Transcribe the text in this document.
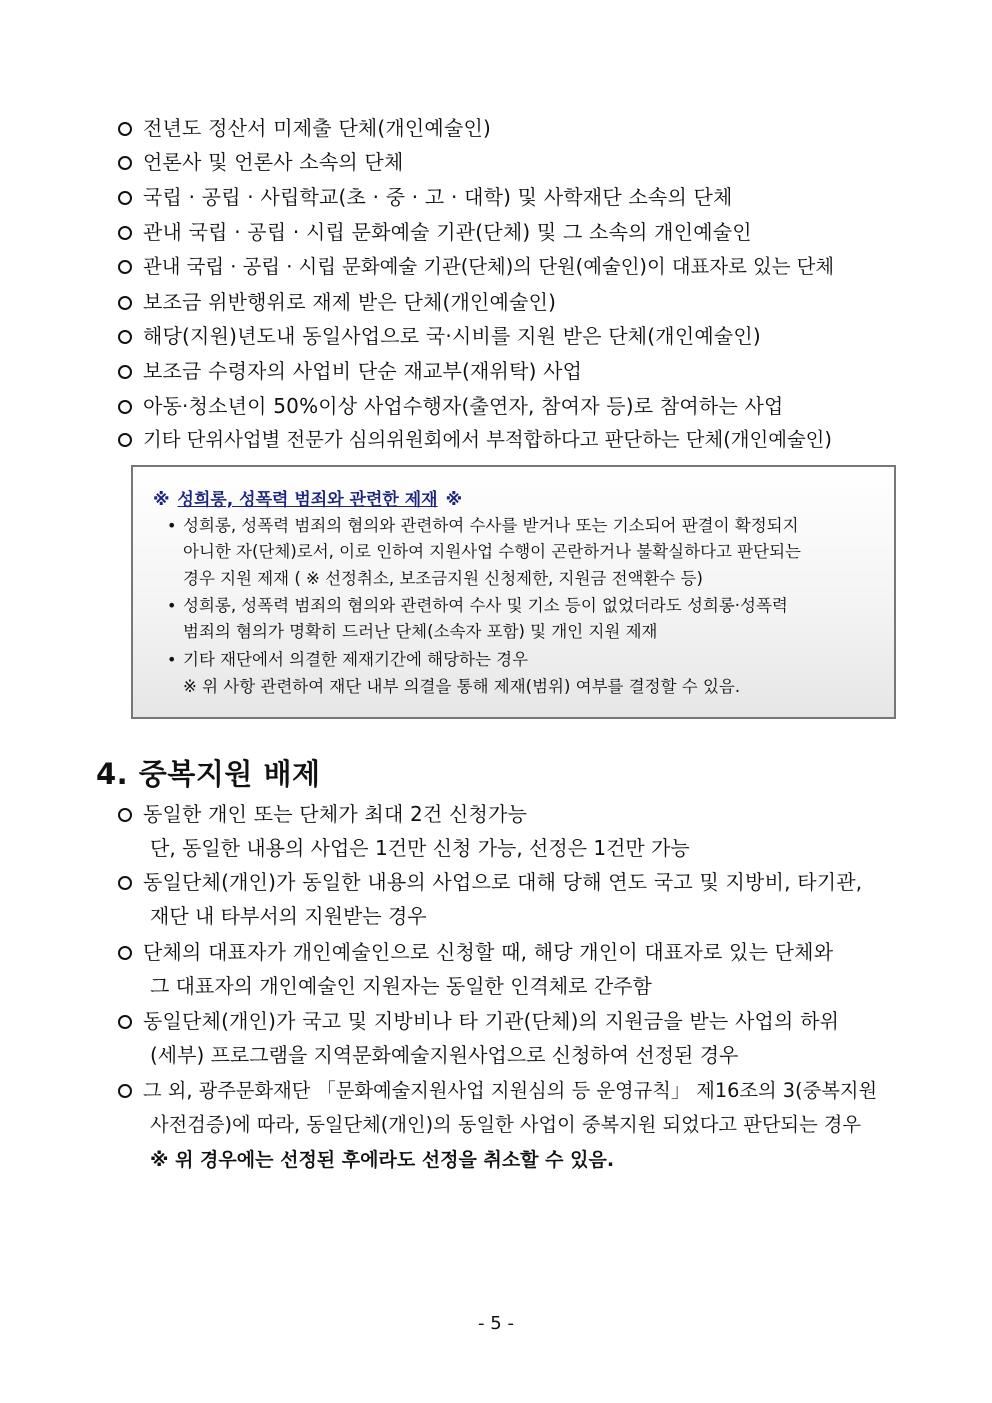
전년도 정산서 미제출 단체(개인예술인)
언론사 및 언론사 소속의 단체
국립 · 공립 · 사립학교(초 · 중 · 고 · 대학) 및 사학재단 소속의 단체
관내 국립 · 공립 · 시립 문화예술 기관(단체) 및 그 소속의 개인예술인
관내 국립 · 공립 · 시립 문화예술 기관(단체)의 단원(예술인)이 대표자로 있는 단체
보조금 위반행위로 재제 받은 단체(개인예술인)
해당(지원)년도내 동일사업으로 국·시비를 지원 받은 단체(개인예술인)
보조금 수령자의 사업비 단순 재교부(재위탁) 사업
아동·청소년이 50%이상 사업수행자(출연자, 참여자 등)로 참여하는 사업
기타 단위사업별 전문가 심의위원회에서 부적합하다고 판단하는 단체(개인예술인)
※ 성희롱, 성폭력 범죄와 관련한 제재 ※
• 성희롱, 성폭력 범죄의 혐의와 관련하여 수사를 받거나 또는 기소되어 판결이 확정되지
아니한 자(단체)로서, 이로 인하여 지원사업 수행이 곤란하거나 불확실하다고 판단되는
경우 지원 제재 ( ※ 선정취소, 보조금지원 신청제한, 지원금 전액환수 등)
• 성희롱, 성폭력 범죄의 혐의와 관련하여 수사 및 기소 등이 없었더라도 성희롱·성폭력
범죄의 혐의가 명확히 드러난 단체(소속자 포함) 및 개인 지원 제재
• 기타 재단에서 의결한 제재기간에 해당하는 경우
※ 위 사항 관련하여 재단 내부 의결을 통해 제재(범위) 여부를 결정할 수 있음.
4. 중복지원 배제
동일한 개인 또는 단체가 최대 2건 신청가능
단, 동일한 내용의 사업은 1건만 신청 가능, 선정은 1건만 가능
동일단체(개인)가 동일한 내용의 사업으로 대해 당해 연도 국고 및 지방비, 타기관,
재단 내 타부서의 지원받는 경우
단체의 대표자가 개인예술인으로 신청할 때, 해당 개인이 대표자로 있는 단체와
그 대표자의 개인예술인 지원자는 동일한 인격체로 간주함
동일단체(개인)가 국고 및 지방비나 타 기관(단체)의 지원금을 받는 사업의 하위
(세부) 프로그램을 지역문화예술지원사업으로 신청하여 선정된 경우
그 외, 광주문화재단 「문화예술지원사업 지원심의 등 운영규칙」 제16조의 3(중복지원
사전검증)에 따라, 동일단체(개인)의 동일한 사업이 중복지원 되었다고 판단되는 경우
※ 위 경우에는 선정된 후에라도 선정을 취소할 수 있음.
- 5 -
